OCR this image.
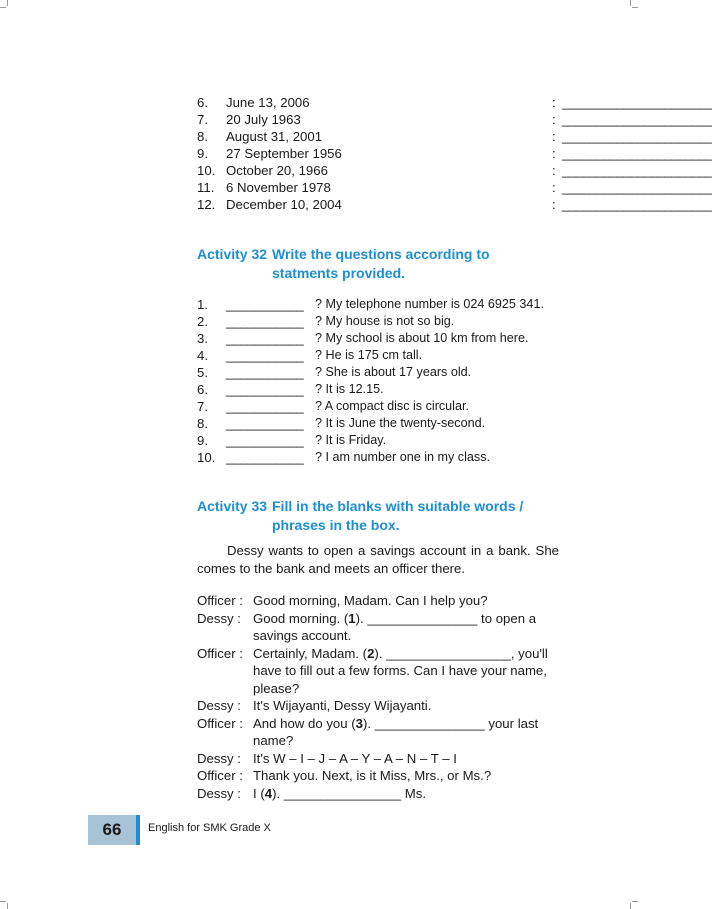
6. June 13, 2006	: ______________________
7. 20 July 1963	: ______________________
8. August 31, 2001	: ______________________
9. 27 September 1956	: ______________________
10. October 20, 1966	: ______________________
11. 6 November 1978	: ______________________
12. December 10, 2004	: ______________________
Activity 32 Write the questions according to statments provided.
1. ___________ ? My telephone number is 024 6925 341.
2. ___________ ? My house is not so big.
3. ___________ ? My school is about 10 km from here.
4. ___________ ? He is 175 cm tall.
5. ___________ ? She is about 17 years old.
6. ___________ ? It is 12.15.
7. ___________ ? A compact disc is circular.
8. ___________ ? It is June the twenty-second.
9. ___________ ? It is Friday.
10. ___________ ? I am number one in my class.
Activity 33 Fill in the blanks with suitable words / phrases in the box.
Dessy wants to open a savings account in a bank. She comes to the bank and meets an officer there.
Officer : Good morning, Madam. Can I help you?
Dessy : Good morning. (1). _______________ to open a savings account.
Officer : Certainly, Madam. (2). _________________, you'll have to fill out a few forms. Can I have your name, please?
Dessy : It's Wijayanti, Dessy Wijayanti.
Officer : And how do you (3). _______________ your last name?
Dessy : It's W – I – J – A – Y – A – N – T – I
Officer : Thank you. Next, is it Miss, Mrs., or Ms.?
Dessy : I (4). ________________ Ms.
66	English for SMK Grade X
